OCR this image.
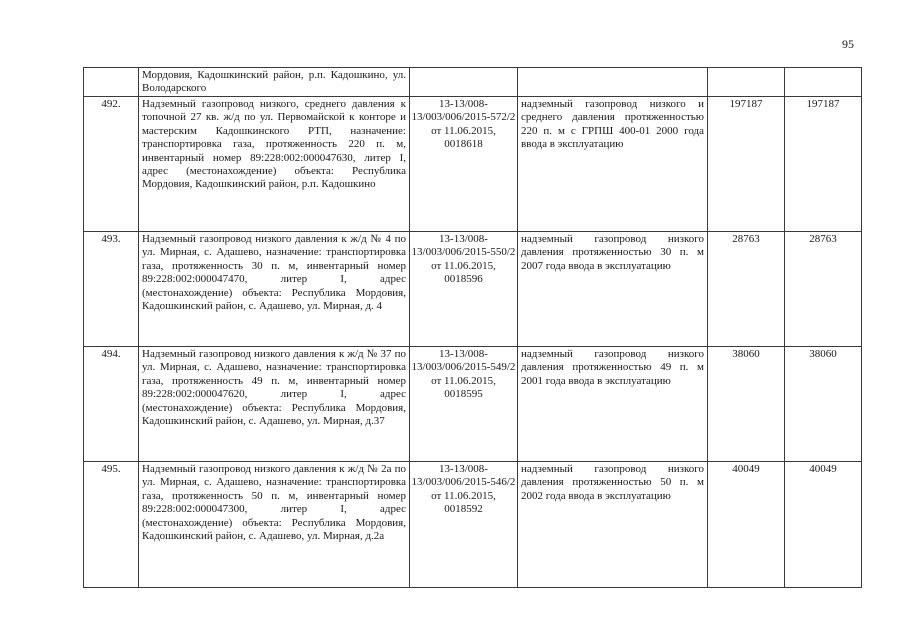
95
	Мордовия, Кадошкинский район, р.п. Кадошкино, ул. Володарского				
492.	Надземный газопровод низкого, среднего давления к топочной 27 кв. ж/д по ул. Первомайской к конторе и мастерским Кадошкинского РТП, назначение: транспортировка газа, протяженность 220 п. м, инвентарный номер 89:228:002:000047630, литер I, адрес (местонахождение) объекта: Республика Мордовия, Кадошкинский район, р.п. Кадошкино	13-13/008-13/003/006/2015-572/2 от 11.06.2015, 0018618	надземный газопровод низкого и среднего давления протяженностью 220 п. м с ГРПШ 400-01 2000 года ввода в эксплуатацию	197187	197187
493.	Надземный газопровод низкого давления к ж/д № 4 по ул. Мирная, с. Адашево, назначение: транспортировка газа, протяженность 30 п. м, инвентарный номер 89:228:002:000047470, литер I, адрес (местонахождение) объекта: Республика Мордовия, Кадошкинский район, с. Адашево, ул. Мирная, д. 4	13-13/008-13/003/006/2015-550/2 от 11.06.2015, 0018596	надземный газопровод низкого давления протяженностью 30 п. м 2007 года ввода в эксплуатацию	28763	28763
494.	Надземный газопровод низкого давления к ж/д № 37 по ул. Мирная, с. Адашево, назначение: транспортировка газа, протяженность 49 п. м, инвентарный номер 89:228:002:000047620, литер I, адрес (местонахождение) объекта: Республика Мордовия, Кадошкинский район, с. Адашево, ул. Мирная, д.37	13-13/008-13/003/006/2015-549/2 от 11.06.2015, 0018595	надземный газопровод низкого давления протяженностью 49 п. м 2001 года ввода в эксплуатацию	38060	38060
495.	Надземный газопровод низкого давления к ж/д № 2а по ул. Мирная, с. Адашево, назначение: транспортировка газа, протяженность 50 п. м, инвентарный номер 89:228:002:000047300, литер I, адрес (местонахождение) объекта: Республика Мордовия, Кадошкинский район, с. Адашево, ул. Мирная, д.2а	13-13/008-13/003/006/2015-546/2 от 11.06.2015, 0018592	надземный газопровод низкого давления протяженностью 50 п. м 2002 года ввода в эксплуатацию	40049	40049
